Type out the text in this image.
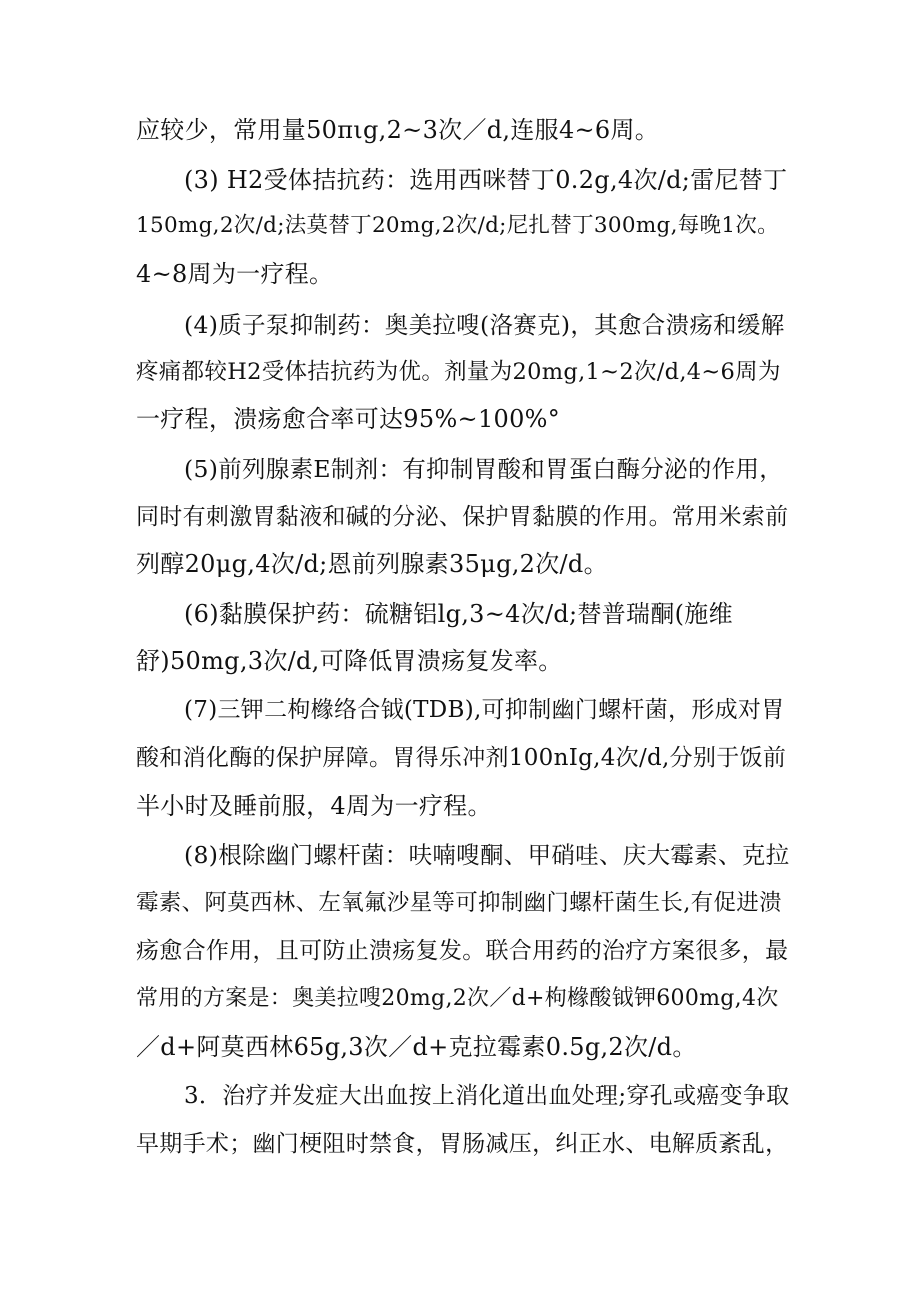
应较少，常用量50πιg,2~3次／d,连服4~6周。
(3) H2受体拮抗药：选用西咪替丁0.2g,4次/d;雷尼替丁
150mg,2次/d;法莫替丁20mg,2次/d;尼扎替丁300mg,每晚1次。
4~8周为一疗程。
(4)质子泵抑制药：奥美拉嗖(洛赛克)，其愈合溃疡和缓解
疼痛都较H2受体拮抗药为优。剂量为20mg,1~2次/d,4~6周为
一疗程，溃疡愈合率可达95%~100%°
(5)前列腺素E制剂：有抑制胃酸和胃蛋白酶分泌的作用，
同时有刺激胃黏液和碱的分泌、保护胃黏膜的作用。常用米索前
列醇20μg,4次/d;恩前列腺素35μg,2次/d。
(6)黏膜保护药：硫糖铝lg,3~4次/d;替普瑞酮(施维
舒)50mg,3次/d,可降低胃溃疡复发率。
(7)三钾二枸橼络合钺(TDB),可抑制幽门螺杆菌，形成对胃
酸和消化酶的保护屏障。胃得乐冲剂100nIg,4次/d,分别于饭前
半小时及睡前服，4周为一疗程。
(8)根除幽门螺杆菌：呋喃嗖酮、甲硝哇、庆大霉素、克拉
霉素、阿莫西林、左氧氟沙星等可抑制幽门螺杆菌生长,有促进溃
疡愈合作用，且可防止溃疡复发。联合用药的治疗方案很多，最
常用的方案是：奥美拉嗖20mg,2次／d+枸橼酸钺钾600mg,4次
／d+阿莫西林65g,3次／d+克拉霉素0.5g,2次/d。
3．治疗并发症大出血按上消化道出血处理;穿孔或癌变争取
早期手术；幽门梗阻时禁食，胃肠减压，纠正水、电解质紊乱，
